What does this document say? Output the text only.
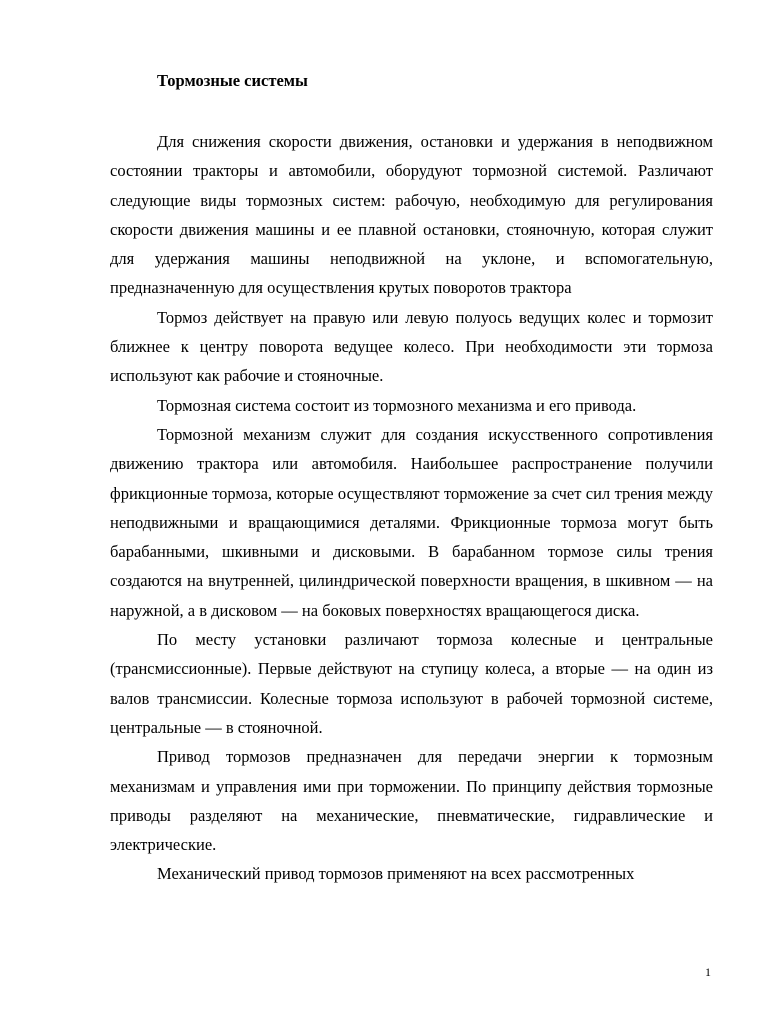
Тормозные системы

Для снижения скорости движения, остановки и удержания в неподвижном состоянии тракторы и автомобили, оборудуют тормозной системой. Различают следующие виды тормозных систем: рабочую, необходимую для регулирования скорости движения машины и ее плавной остановки, стояночную, которая служит для удержания машины неподвижной на уклоне, и вспомогательную, предназначенную для осуществления крутых поворотов трактора

Тормоз действует на правую или левую полуось ведущих колес и тормозит ближнее к центру поворота ведущее колесо. При необходимости эти тормоза используют как рабочие и стояночные.

Тормозная система состоит из тормозного механизма и его привода.

Тормозной механизм служит для создания искусственного сопротивления движению трактора или автомобиля. Наибольшее распространение получили фрикционные тормоза, которые осуществляют торможение за счет сил трения между неподвижными и вращающимися деталями. Фрикционные тормоза могут быть барабанными, шкивными и дисковыми. В барабанном тормозе силы трения создаются на внутренней, цилиндрической поверхности вращения, в шкивном — на наружной, а в дисковом — на боковых поверхностях вращающегося диска.

По месту установки различают тормоза колесные и центральные (трансмиссионные). Первые действуют на ступицу колеса, а вторые — на один из валов трансмиссии. Колесные тормоза используют в рабочей тормозной системе, центральные — в стояночной.

Привод тормозов предназначен для передачи энергии к тормозным механизмам и управления ими при торможении. По принципу действия тормозные приводы разделяют на механические, пневматические, гидравлические и электрические.

Механический привод тормозов применяют на всех рассмотренных

1
